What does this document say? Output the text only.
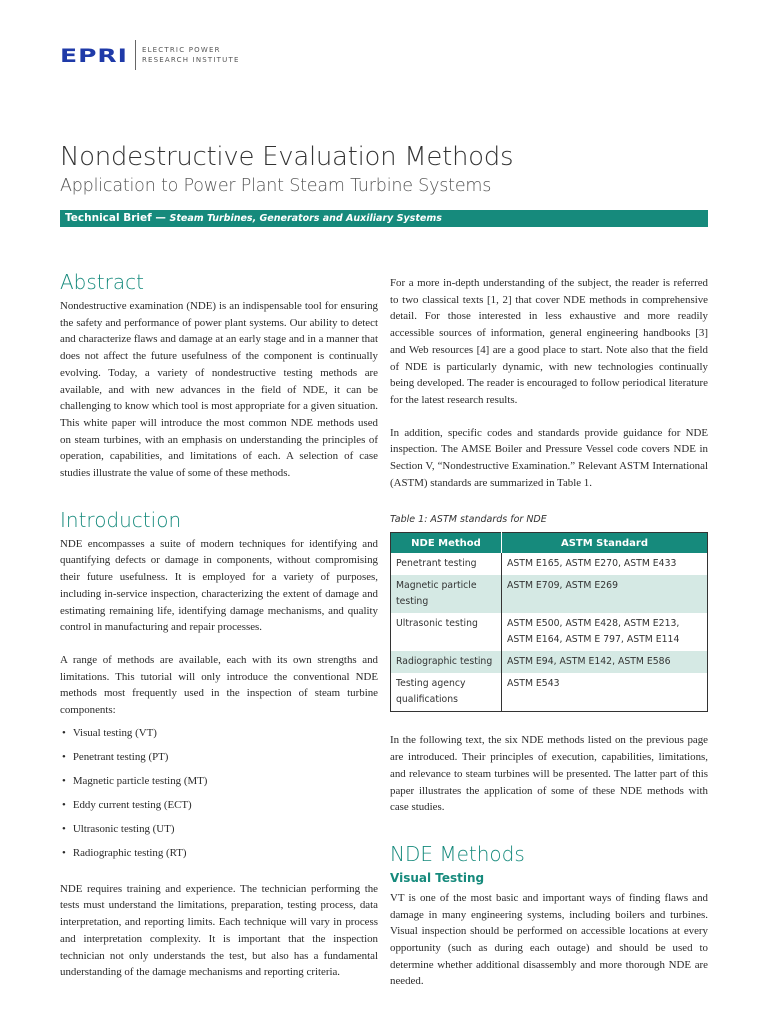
EPRI ELECTRIC POWER
RESEARCH INSTITUTE
Nondestructive Evaluation Methods
Application to Power Plant Steam Turbine Systems
Technical Brief — Steam Turbines, Generators and Auxiliary Systems
Abstract

Nondestructive examination (NDE) is an indispensable tool for ensuring the safety and performance of power plant systems. Our ability to detect and characterize flaws and damage at an early stage and in a manner that does not affect the future usefulness of the component is continually evolving. Today, a variety of nondestructive testing methods are available, and with new advances in the field of NDE, it can be challenging to know which tool is most appropriate for a given situation. This white paper will introduce the most common NDE methods used on steam turbines, with an emphasis on understanding the principles of operation, capabilities, and limitations of each. A selection of case studies illustrate the value of some of these methods.

Introduction

NDE encompasses a suite of modern techniques for identifying and quantifying defects or damage in components, without compromising their future usefulness. It is employed for a variety of purposes, including in-service inspection, characterizing the extent of damage and estimating remaining life, identifying damage mechanisms, and quality control in manufacturing and repair processes.

A range of methods are available, each with its own strengths and limitations. This tutorial will only introduce the conventional NDE methods most frequently used in the inspection of steam turbine components:

• Visual testing (VT)
• Penetrant testing (PT)
• Magnetic particle testing (MT)
• Eddy current testing (ECT)
• Ultrasonic testing (UT)
• Radiographic testing (RT)

NDE requires training and experience. The technician performing the tests must understand the limitations, preparation, testing process, data interpretation, and reporting limits. Each technique will vary in process and interpretation complexity. It is important that the inspection technician not only understands the test, but also has a fundamental understanding of the damage mechanisms and reporting criteria.

For a more in-depth understanding of the subject, the reader is referred to two classical texts [1, 2] that cover NDE methods in comprehensive detail. For those interested in less exhaustive and more readily accessible sources of information, general engineering handbooks [3] and Web resources [4] are a good place to start. Note also that the field of NDE is particularly dynamic, with new technologies continually being developed. The reader is encouraged to follow periodical literature for the latest research results.

In addition, specific codes and standards provide guidance for NDE inspection. The AMSE Boiler and Pressure Vessel code covers NDE in Section V, “Nondestructive Examination.” Relevant ASTM International (ASTM) standards are summarized in Table 1.

Table 1: ASTM standards for NDE
NDE Method	ASTM Standard
Penetrant testing	ASTM E165, ASTM E270, ASTM E433
Magnetic particle testing	ASTM E709, ASTM E269
Ultrasonic testing	ASTM E500, ASTM E428, ASTM E213, ASTM E164, ASTM E 797, ASTM E114
Radiographic testing	ASTM E94, ASTM E142, ASTM E586
Testing agency qualifications	ASTM E543

In the following text, the six NDE methods listed on the previous page are introduced. Their principles of execution, capabilities, limitations, and relevance to steam turbines will be presented. The latter part of this paper illustrates the application of some of these NDE methods with case studies.

NDE Methods
Visual Testing

VT is one of the most basic and important ways of finding flaws and damage in many engineering systems, including boilers and turbines. Visual inspection should be performed on accessible locations at every opportunity (such as during each outage) and should be used to determine whether additional disassembly and more thorough NDE are needed.
